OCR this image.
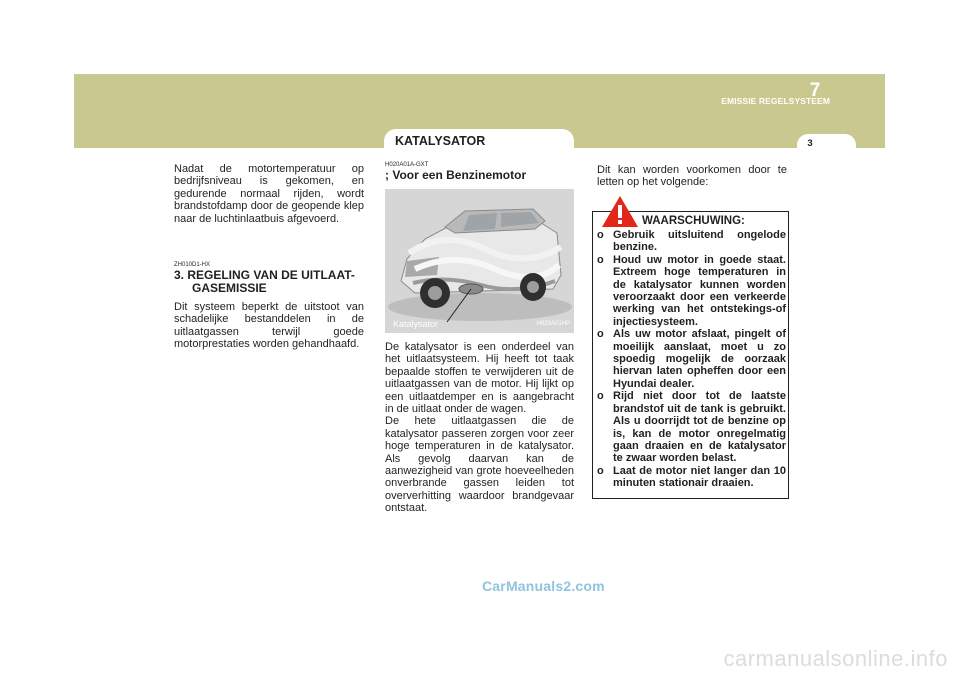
EMISSIE REGELSYSTEEM
7
3
KATALYSATOR
Nadat de motortemperatuur op bedrijfsniveau is gekomen, en gedurende normaal rijden, wordt brandstofdamp door de geopende klep naar de luchtinlaatbuis afgevoerd.
ZH010D1-HX
3. REGELING VAN DE UITLAAT- GASEMISSIE
Dit systeem beperkt de uitstoot van schadelijke bestanddelen in de uitlaatgassen terwijl goede motorprestaties worden gehandhaafd.
H020A01A-GXT
; Voor een Benzinemotor
Katalysator	H020A01HP
De katalysator is een onderdeel van het uitlaatsysteem. Hij heeft tot taak bepaalde stoffen te verwijderen uit de uitlaatgassen van de motor. Hij lijkt op een uitlaatdemper en is aangebracht in de uitlaat onder de wagen.
De hete uitlaatgassen die de katalysator passeren zorgen voor zeer hoge temperaturen in de katalysator. Als gevolg daarvan kan de aanwezigheid van grote hoeveelheden onverbrande gassen leiden tot oververhitting waardoor brandgevaar ontstaat.
Dit kan worden voorkomen door te letten op het volgende:
WAARSCHUWING:
o Gebruik uitsluitend ongelode benzine.
o Houd uw motor in goede staat. Extreem hoge temperaturen in de katalysator kunnen worden veroorzaakt door een verkeerde werking van het ontstekings-of injectiesysteem.
o Als uw motor afslaat, pingelt of moeilijk aanslaat, moet u zo spoedig mogelijk de oorzaak hiervan laten opheffen door een Hyundai dealer.
o Rijd niet door tot de laatste brandstof uit de tank is gebruikt. Als u doorrijdt tot de benzine op is, kan de motor onregelmatig gaan draaien en de katalysator te zwaar worden belast.
o Laat de motor niet langer dan 10 minuten stationair draaien.
CarManuals2.com
carmanualsonline.info
